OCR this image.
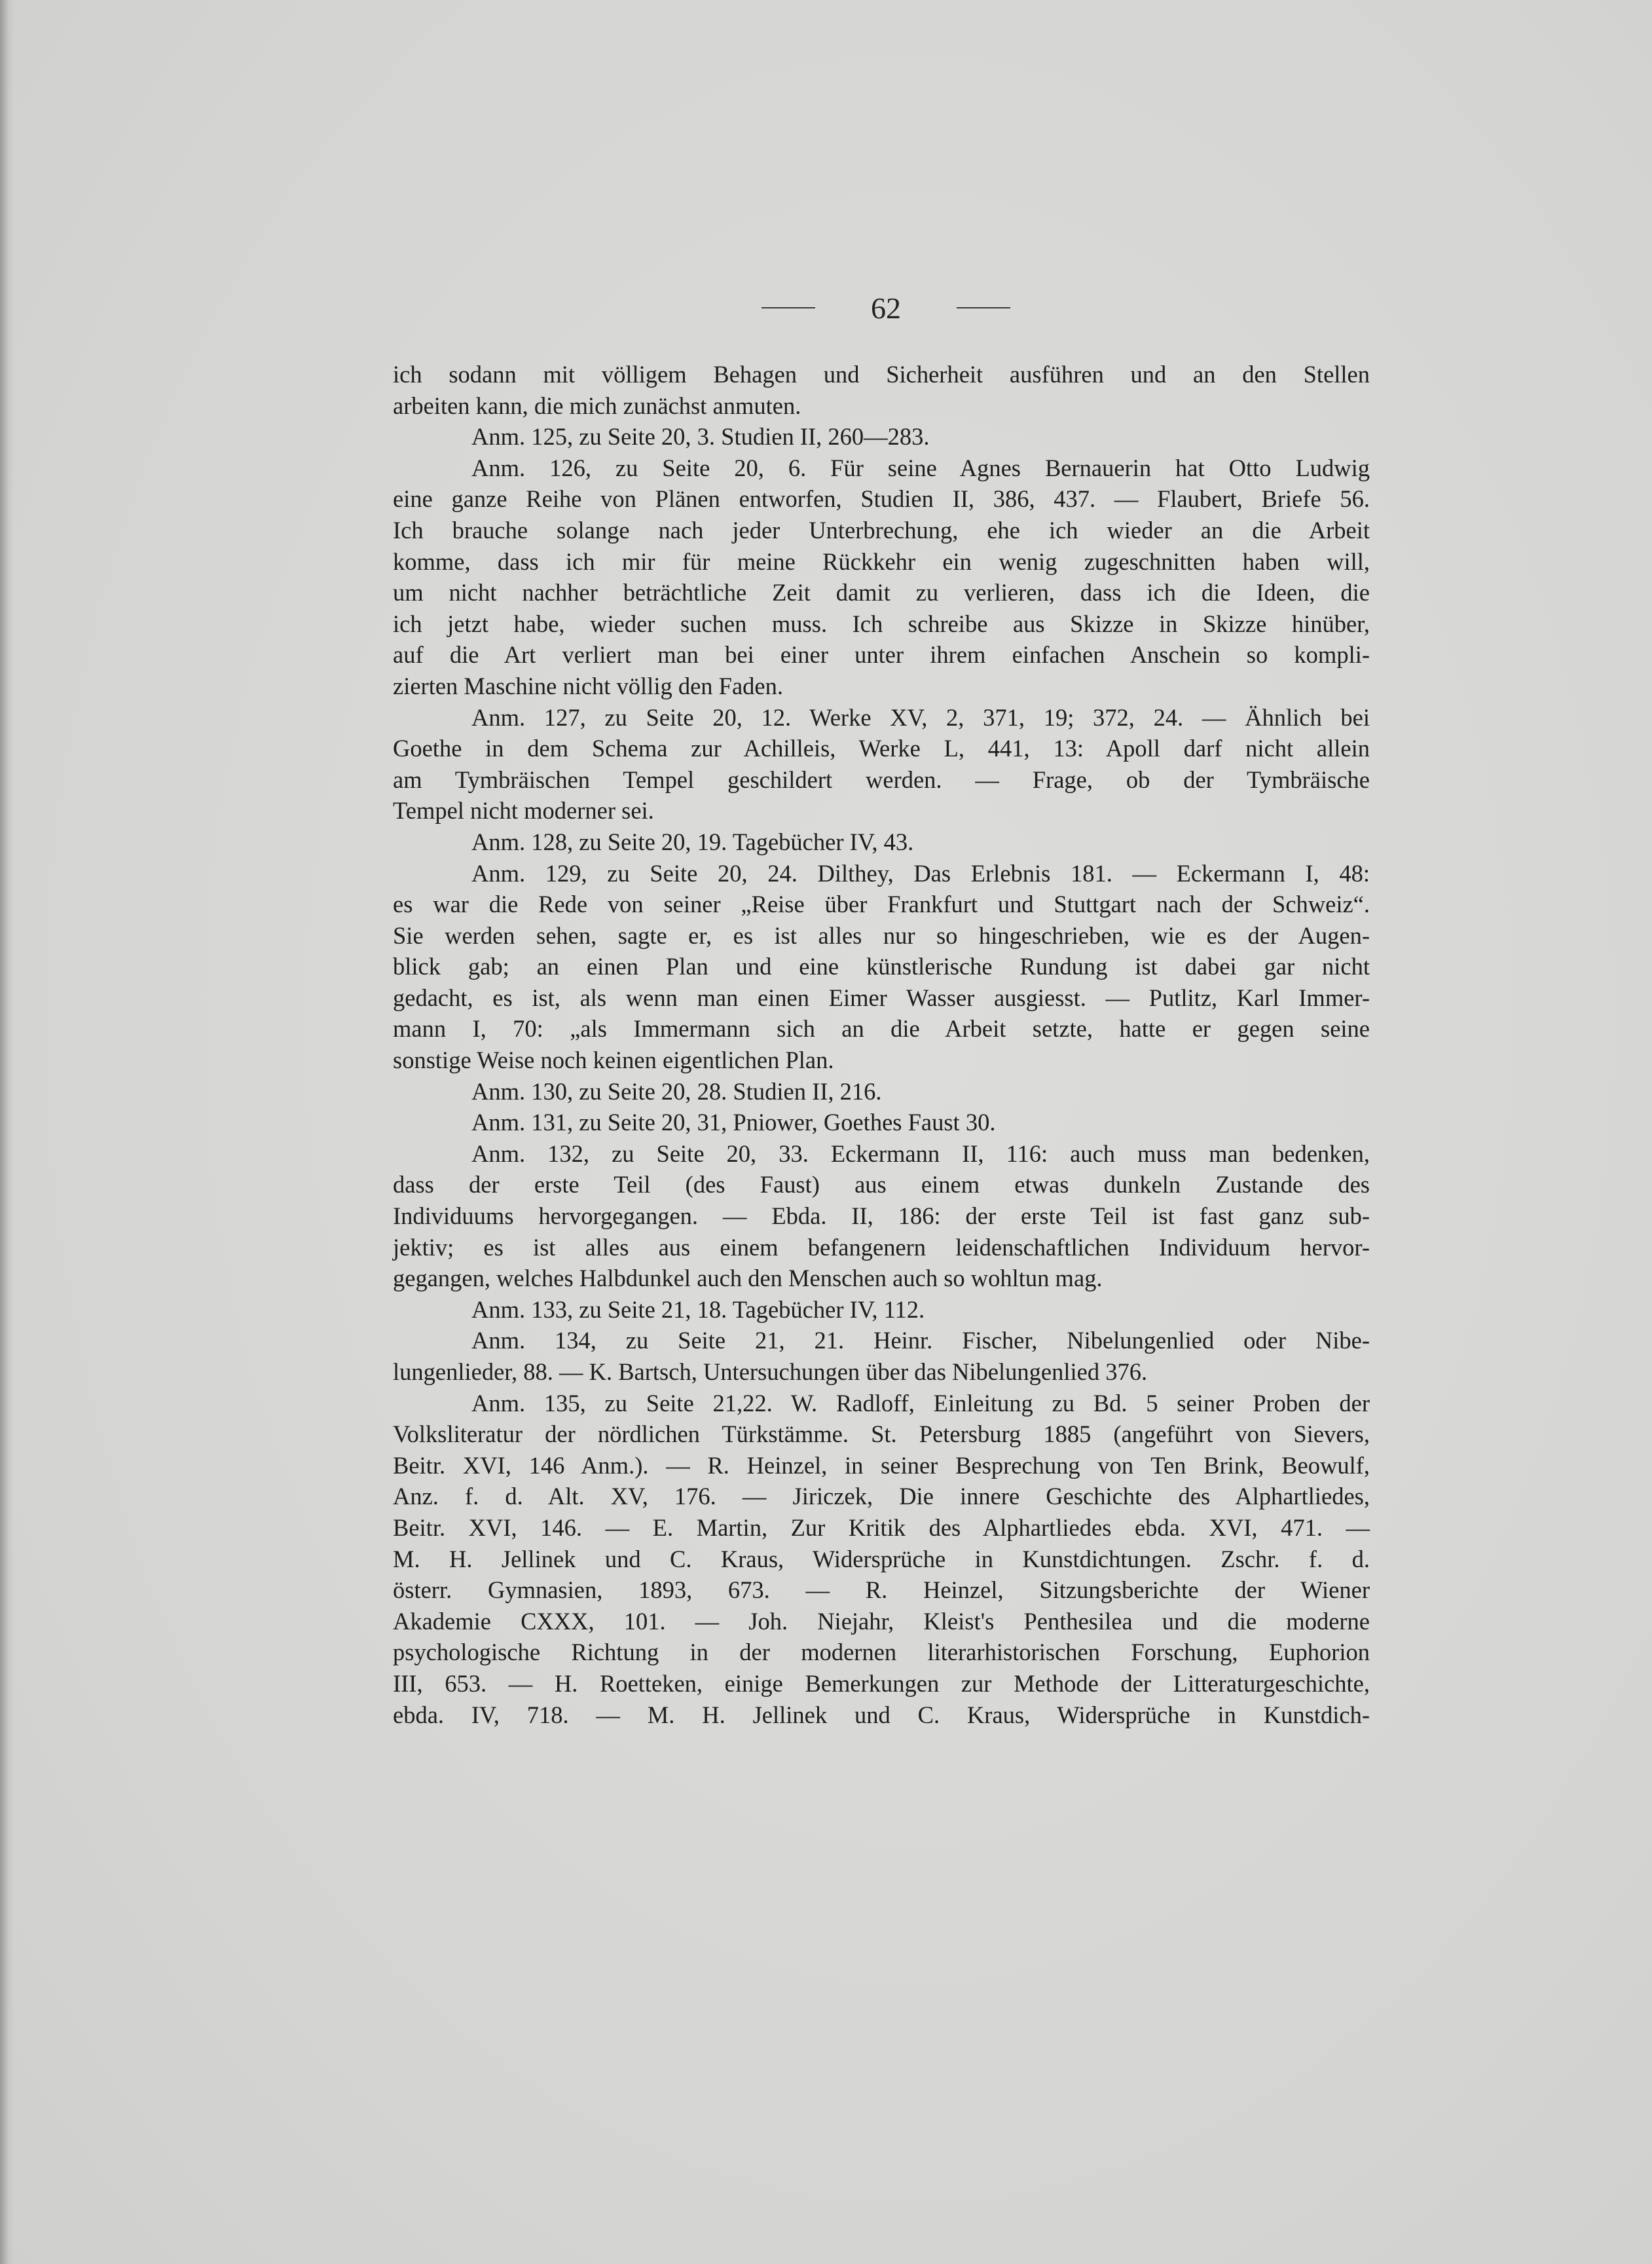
62
ich sodann mit völligem Behagen und Sicherheit ausführen und an den Stellen
arbeiten kann, die mich zunächst anmuten.
Anm. 125, zu Seite 20, 3. Studien II, 260—283.
Anm. 126, zu Seite 20, 6. Für seine Agnes Bernauerin hat Otto Ludwig
eine ganze Reihe von Plänen entworfen, Studien II, 386, 437. — Flaubert, Briefe 56.
Ich brauche solange nach jeder Unterbrechung, ehe ich wieder an die Arbeit
komme, dass ich mir für meine Rückkehr ein wenig zugeschnitten haben will,
um nicht nachher beträchtliche Zeit damit zu verlieren, dass ich die Ideen, die
ich jetzt habe, wieder suchen muss. Ich schreibe aus Skizze in Skizze hinüber,
auf die Art verliert man bei einer unter ihrem einfachen Anschein so kompli-
zierten Maschine nicht völlig den Faden.
Anm. 127, zu Seite 20, 12. Werke XV, 2, 371, 19; 372, 24. — Ähnlich bei
Goethe in dem Schema zur Achilleis, Werke L, 441, 13: Apoll darf nicht allein
am Tymbräischen Tempel geschildert werden. — Frage, ob der Tymbräische
Tempel nicht moderner sei.
Anm. 128, zu Seite 20, 19. Tagebücher IV, 43.
Anm. 129, zu Seite 20, 24. Dilthey, Das Erlebnis 181. — Eckermann I, 48:
es war die Rede von seiner „Reise über Frankfurt und Stuttgart nach der Schweiz“.
Sie werden sehen, sagte er, es ist alles nur so hingeschrieben, wie es der Augen-
blick gab; an einen Plan und eine künstlerische Rundung ist dabei gar nicht
gedacht, es ist, als wenn man einen Eimer Wasser ausgiesst. — Putlitz, Karl Immer-
mann I, 70: „als Immermann sich an die Arbeit setzte, hatte er gegen seine
sonstige Weise noch keinen eigentlichen Plan.
Anm. 130, zu Seite 20, 28. Studien II, 216.
Anm. 131, zu Seite 20, 31, Pniower, Goethes Faust 30.
Anm. 132, zu Seite 20, 33. Eckermann II, 116: auch muss man bedenken,
dass der erste Teil (des Faust) aus einem etwas dunkeln Zustande des
Individuums hervorgegangen. — Ebda. II, 186: der erste Teil ist fast ganz sub-
jektiv; es ist alles aus einem befangenern leidenschaftlichen Individuum hervor-
gegangen, welches Halbdunkel auch den Menschen auch so wohltun mag.
Anm. 133, zu Seite 21, 18. Tagebücher IV, 112.
Anm. 134, zu Seite 21, 21. Heinr. Fischer, Nibelungenlied oder Nibe-
lungenlieder, 88. — K. Bartsch, Untersuchungen über das Nibelungenlied 376.
Anm. 135, zu Seite 21,22. W. Radloff, Einleitung zu Bd. 5 seiner Proben der
Volksliteratur der nördlichen Türkstämme. St. Petersburg 1885 (angeführt von Sievers,
Beitr. XVI, 146 Anm.). — R. Heinzel, in seiner Besprechung von Ten Brink, Beowulf,
Anz. f. d. Alt. XV, 176. — Jiriczek, Die innere Geschichte des Alphartliedes,
Beitr. XVI, 146. — E. Martin, Zur Kritik des Alphartliedes ebda. XVI, 471. —
M. H. Jellinek und C. Kraus, Widersprüche in Kunstdichtungen. Zschr. f. d.
österr. Gymnasien, 1893, 673. — R. Heinzel, Sitzungsberichte der Wiener
Akademie CXXX, 101. — Joh. Niejahr, Kleist's Penthesilea und die moderne
psychologische Richtung in der modernen literarhistorischen Forschung, Euphorion
III, 653. — H. Roetteken, einige Bemerkungen zur Methode der Litteraturgeschichte,
ebda. IV, 718. — M. H. Jellinek und C. Kraus, Widersprüche in Kunstdich-
